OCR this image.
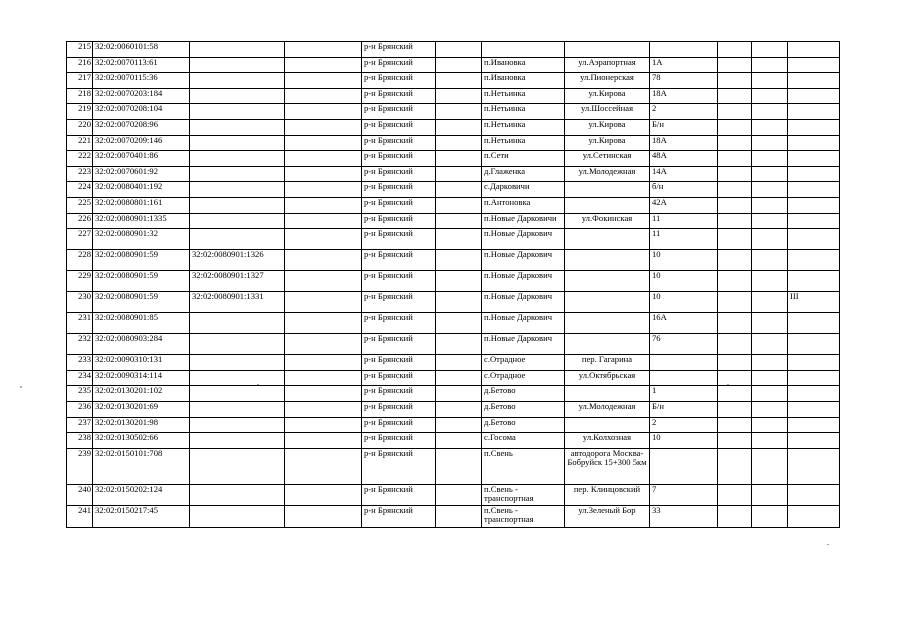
215	32:02:0060101:58			р-н Брянский							
216	32:02:0070113:61			р-н Брянский		п.Ивановка	ул.Аэрапортная	1А			
217	32:02:0070115:36			р-н Брянский		п.Ивановка	ул.Пионерская	78			
218	32:02:0070203:184			р-н Брянский		п.Нетьинка	ул.Кирова	18А			
219	32:02:0070208:104			р-н Брянский		п.Нетьинка	ул.Шоссейная	2			
220	32:02:0070208:96			р-н Брянский		п.Нетьинка	ул.Кирова	Б/н			
221	32:02:0070209:146			р-н Брянский		п.Нетьинка	ул.Кирова	18А			
222	32:02:0070401:86			р-н Брянский		п.Сети	ул.Сетинская	48А			
223	32:02:0070601:92			р-н Брянский		д.Глаженка	ул.Молодежная	14А			
224	32:02:0080401:192			р-н Брянский		с.Дарковичи		б/н			
225	32:02:0080801:161			р-н Брянский		п.Антоновка		42А			
226	32:02:0080901:1335			р-н Брянский		п.Новые Дарковичи	ул.Фокинская	11			
227	32:02:0080901:32			р-н Брянский		п.Новые Даркович		11			
228	32:02:0080901:59	32:02:0080901:1326		р-н Брянский		п.Новые Даркович		10			
229	32:02:0080901:59	32:02:0080901:1327		р-н Брянский		п.Новые Даркович		10			
230	32:02:0080901:59	32:02:0080901:1331		р-н Брянский		п.Новые Даркович		10			III
231	32:02:0080901:85			р-н Брянский		п.Новые Даркович		16А			
232	32:02:0080903:284			р-н Брянский		п.Новые Даркович		76			
233	32:02:0090310:131			р-н Брянский		с.Отрадное	пер. Гагарина				
234	32:02:0090314:114			р-н Брянский		с.Отрадное	ул.Октябрьская				
235	32:02:0130201:102			р-н Брянский		д.Бетово		1			
236	32:02:0130201:69			р-н Брянский		д.Бетово	ул.Молодежная	Б/н			
237	32:02:0130201:98			р-н Брянский		д.Бетово		2			
238	32:02:0130502:66			р-н Брянский		с.Госома	ул.Колхозная	10			
239	32:02:0150101:708			р-н Брянский		п.Свень	автодорога Москва-Бобруйск 15+300 5км				
240	32:02:0150202:124			р-н Брянский		п.Свень - транспортная	пер. Клинцовский	7			
241	32:02:0150217:45			р-н Брянский		п.Свень - транспортная	ул.Зеленый Бор	33			
,	,	,
.
